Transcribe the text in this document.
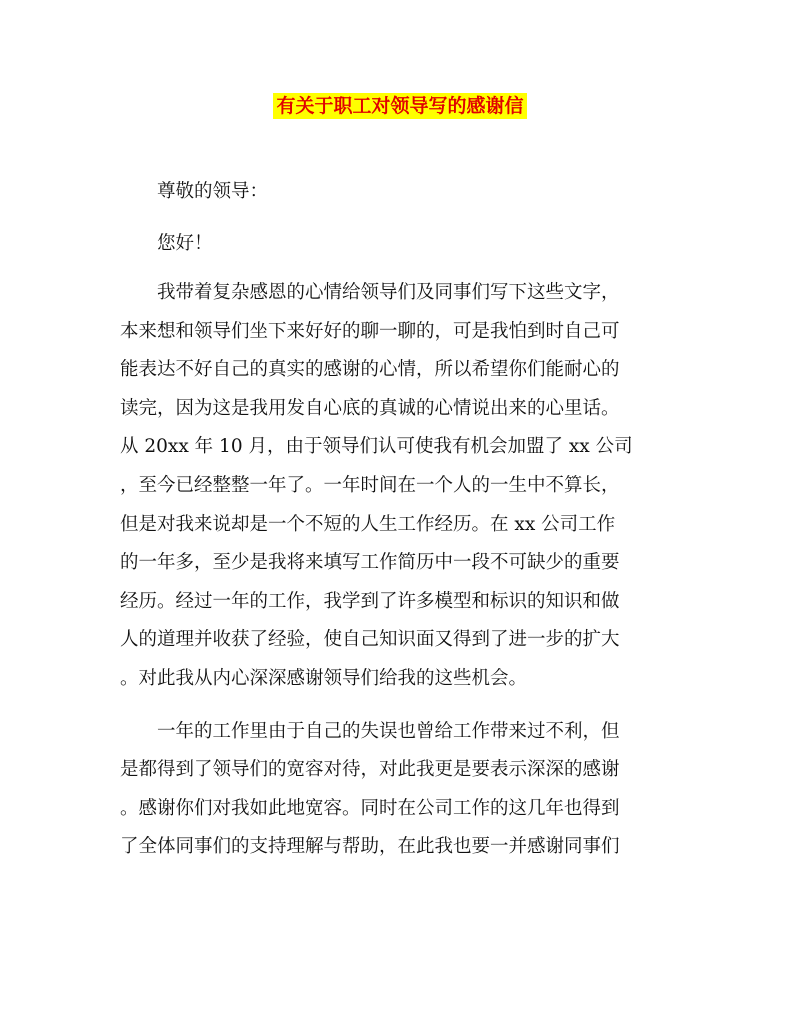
有关于职工对领导写的感谢信
尊敬的领导：
您好！
我带着复杂感恩的心情给领导们及同事们写下这些文字，
本来想和领导们坐下来好好的聊一聊的，可是我怕到时自己可
能表达不好自己的真实的感谢的心情，所以希望你们能耐心的
读完，因为这是我用发自心底的真诚的心情说出来的心里话。
从 20xx 年 10 月，由于领导们认可使我有机会加盟了 xx 公司
，至今已经整整一年了。一年时间在一个人的一生中不算长，
但是对我来说却是一个不短的人生工作经历。在 xx 公司工作
的一年多，至少是我将来填写工作简历中一段不可缺少的重要
经历。经过一年的工作，我学到了许多模型和标识的知识和做
人的道理并收获了经验，使自己知识面又得到了进一步的扩大
。对此我从内心深深感谢领导们给我的这些机会。
一年的工作里由于自己的失误也曾给工作带来过不利，但
是都得到了领导们的宽容对待，对此我更是要表示深深的感谢
。感谢你们对我如此地宽容。同时在公司工作的这几年也得到
了全体同事们的支持理解与帮助，在此我也要一并感谢同事们
